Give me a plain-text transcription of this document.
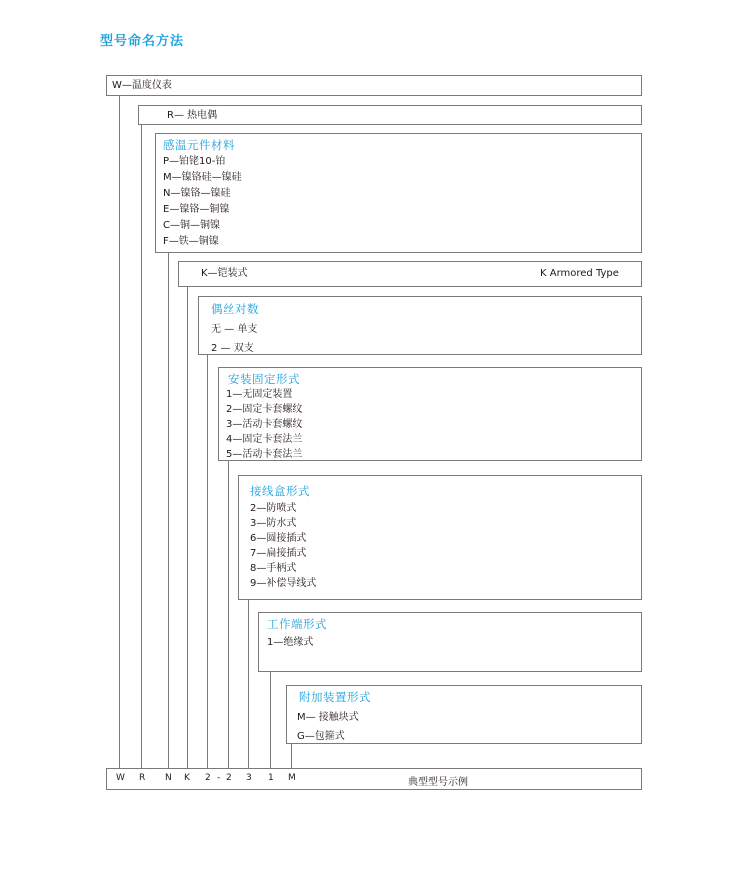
型号命名方法
W—温度仪表
R— 热电偶
感温元件材料
P—铂铑10-铂
M—镍铬硅—镍硅
N—镍铬—镍硅
E—镍铬—铜镍
C—铜—铜镍
F—铁—铜镍
K—铠装式	K Armored Type
偶丝对数
无 — 单支
2 — 双支
安装固定形式
1—无固定装置
2—固定卡套螺纹
3—活动卡套螺纹
4—固定卡套法兰
5—活动卡套法兰
接线盒形式
2—防喷式
3—防水式
6—圆接插式
7—扁接插式
8—手柄式
9—补偿导线式
工作端形式
1—绝缘式
附加装置形式
M— 接触块式
G—包箍式
W R N K 2 - 2 3 1 M	典型型号示例
